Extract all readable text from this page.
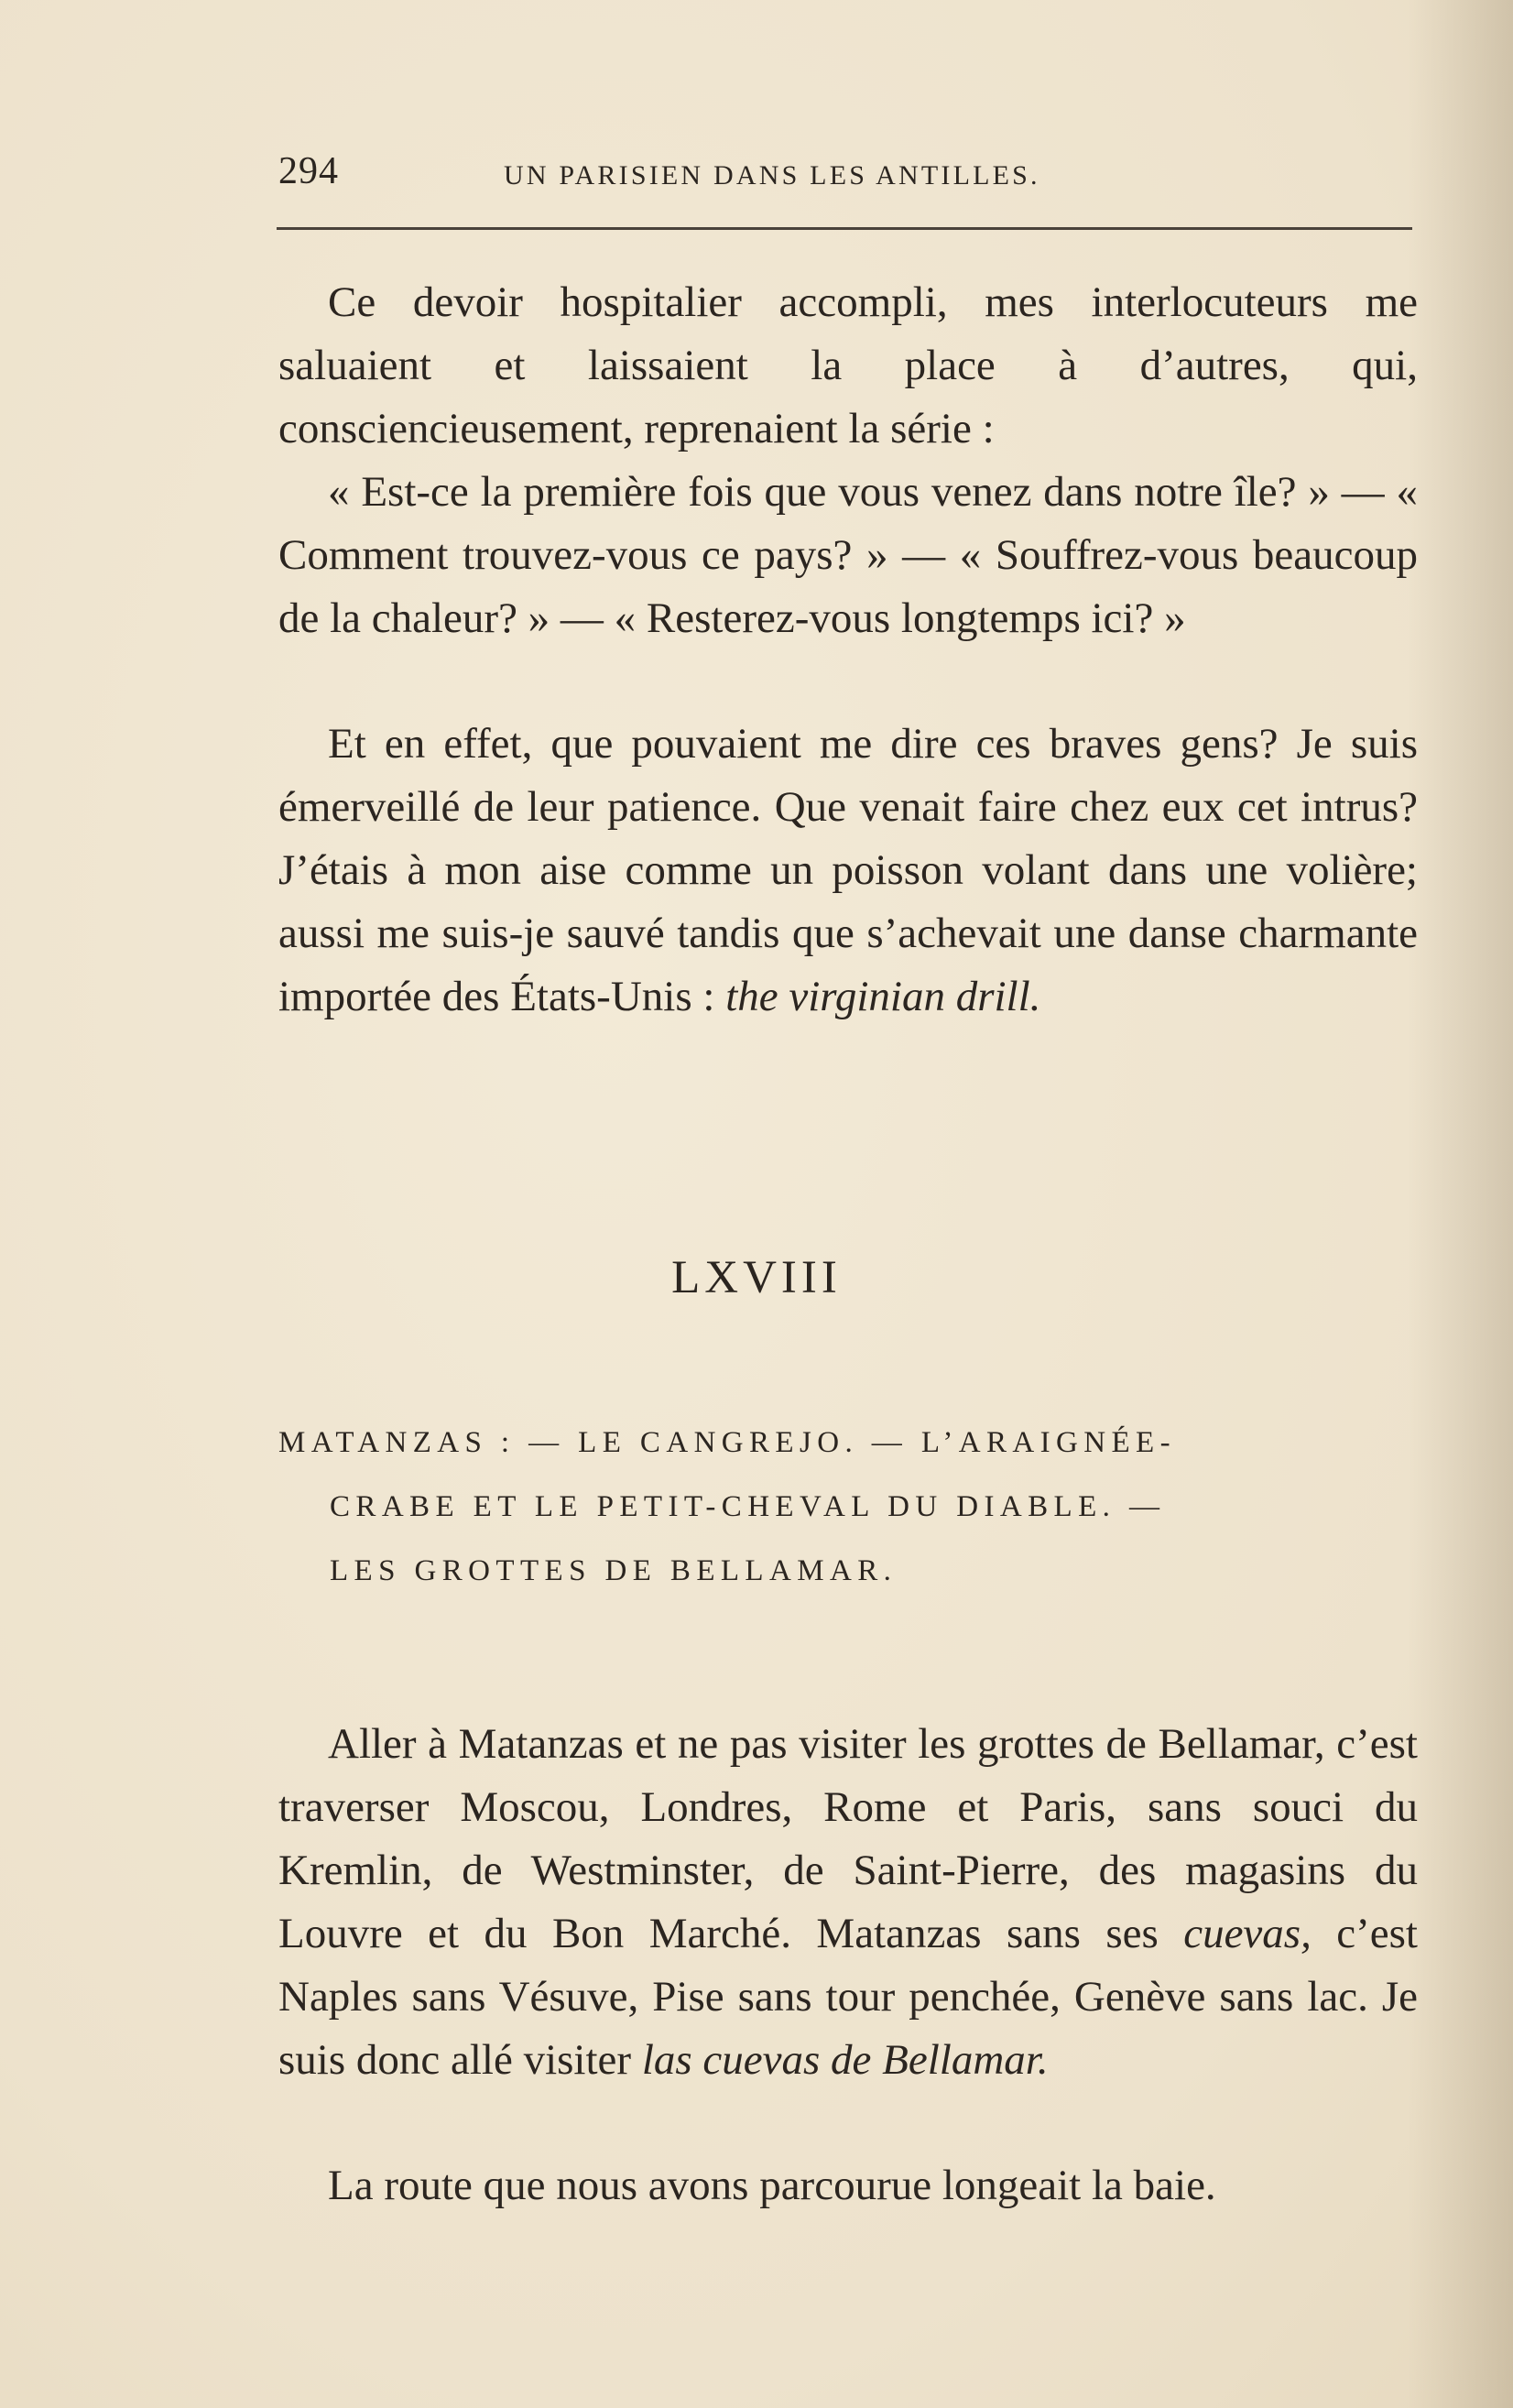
294	UN PARISIEN DANS LES ANTILLES.

Ce devoir hospitalier accompli, mes interlocuteurs me saluaient et laissaient la place à d’autres, qui, consciencieusement, reprenaient la série :

« Est-ce la première fois que vous venez dans notre île? » — « Comment trouvez-vous ce pays? » — « Souffrez-vous beaucoup de la chaleur? » — « Resterez-vous longtemps ici? »

Et en effet, que pouvaient me dire ces braves gens? Je suis émerveillé de leur patience. Que venait faire chez eux cet intrus? J’étais à mon aise comme un poisson volant dans une volière; aussi me suis-je sauvé tandis que s’achevait une danse charmante importée des États-Unis : the virginian drill.

LXVIII

MATANZAS : — LE CANGREJO. — L’ARAIGNÉE-
CRABE ET LE PETIT-CHEVAL DU DIABLE. —
LES GROTTES DE BELLAMAR.

Aller à Matanzas et ne pas visiter les grottes de Bellamar, c’est traverser Moscou, Londres, Rome et Paris, sans souci du Kremlin, de Westminster, de Saint-Pierre, des magasins du Louvre et du Bon Marché. Matanzas sans ses cuevas, c’est Naples sans Vésuve, Pise sans tour penchée, Genève sans lac. Je suis donc allé visiter las cuevas de Bellamar.

La route que nous avons parcourue longeait la baie.
